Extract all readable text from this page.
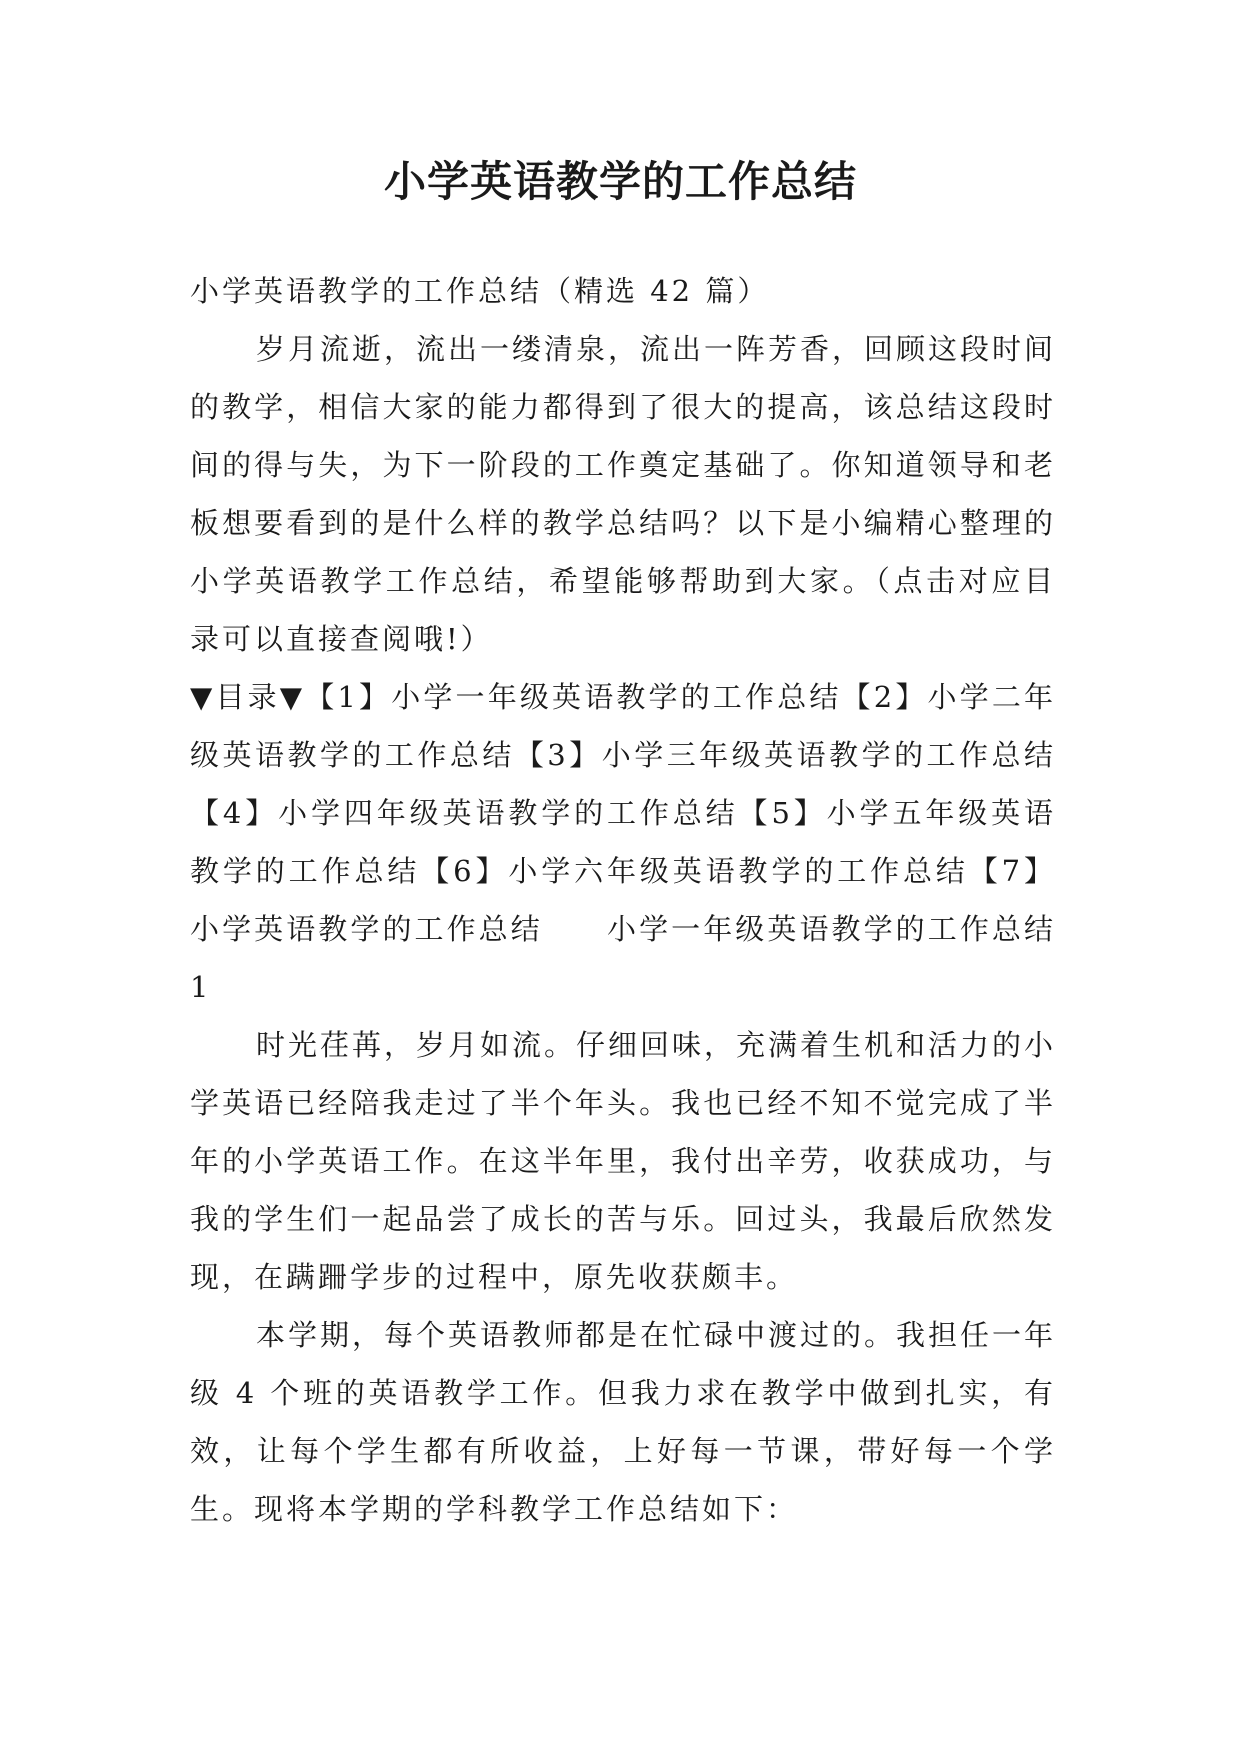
小学英语教学的工作总结

小学英语教学的工作总结（精选 42 篇）

岁月流逝，流出一缕清泉，流出一阵芳香，回顾这段时间的教学，相信大家的能力都得到了很大的提高，该总结这段时间的得与失，为下一阶段的工作奠定基础了。你知道领导和老板想要看到的是什么样的教学总结吗？以下是小编精心整理的小学英语教学工作总结，希望能够帮助到大家。（点击对应目录可以直接查阅哦!）

▼目录▼【1】小学一年级英语教学的工作总结【2】小学二年级英语教学的工作总结【3】小学三年级英语教学的工作总结【4】小学四年级英语教学的工作总结【5】小学五年级英语教学的工作总结【6】小学六年级英语教学的工作总结【7】小学英语教学的工作总结　　小学一年级英语教学的工作总结 1

时光荏苒，岁月如流。仔细回味，充满着生机和活力的小学英语已经陪我走过了半个年头。我也已经不知不觉完成了半年的小学英语工作。在这半年里，我付出辛劳，收获成功，与我的学生们一起品尝了成长的苦与乐。回过头，我最后欣然发现，在蹒跚学步的过程中，原先收获颇丰。

本学期，每个英语教师都是在忙碌中渡过的。我担任一年级 4 个班的英语教学工作。但我力求在教学中做到扎实，有效，让每个学生都有所收益，上好每一节课，带好每一个学生。现将本学期的学科教学工作总结如下：
